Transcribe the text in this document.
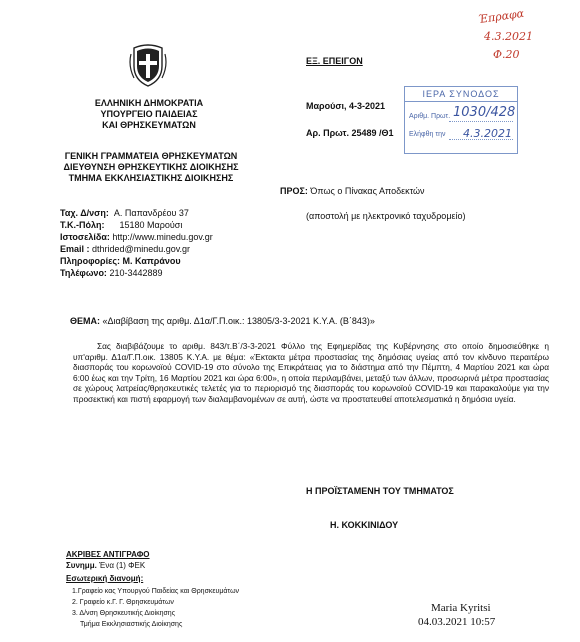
ΕΛΛΗΝΙΚΗ ΔΗΜΟΚΡΑΤΙΑ
ΥΠΟΥΡΓΕΙΟ ΠΑΙΔΕΙΑΣ
ΚΑΙ ΘΡΗΣΚΕΥΜΑΤΩΝ
ΓΕΝΙΚΗ ΓΡΑΜΜΑΤΕΙΑ ΘΡΗΣΚΕΥΜΑΤΩΝ
ΔΙΕΥΘΥΝΣΗ ΘΡΗΣΚΕΥΤΙΚΗΣ ΔΙΟΙΚΗΣΗΣ
ΤΜΗΜΑ ΕΚΚΛΗΣΙΑΣΤΙΚΗΣ ΔΙΟΙΚΗΣΗΣ
Ταχ. Δ/νση: Α. Παπανδρέου 37
Τ.Κ.-Πόλη: 15180 Μαρούσι
Ιστοσελίδα: http://www.minedu.gov.gr
Email : dthrided@minedu.gov.gr
Πληροφορίες: Μ. Καπράνου
Τηλέφωνο: 210-3442889
ΕΞ. ΕΠΕΙΓΟΝ
Μαρούσι, 4-3-2021
Αρ. Πρωτ. 25489 /Θ1
ΙΕΡΑ ΣΥΝΟΔΟΣ
Αριθμ. Πρωτ.
Ελήφθη την
1030/428
4.3.2021
Έπραφα
4.3.2021
Φ.20
ΠΡΟΣ: Όπως ο Πίνακας Αποδεκτών
(αποστολή με ηλεκτρονικό ταχυδρομείο)
ΘΕΜΑ: «Διαβίβαση της αριθμ. Δ1α/Γ.Π.οικ.: 13805/3-3-2021 Κ.Υ.Α. (Β΄843)»

Σας διαβιβάζουμε το αριθμ. 843/τ.Β΄/3-3-2021 Φύλλο της Εφημερίδας της Κυβέρνησης στο οποίο δημοσιεύθηκε η υπ'αριθμ. Δ1α/Γ.Π.οικ. 13805 Κ.Υ.Α. με θέμα: «Έκτακτα μέτρα προστασίας της δημόσιας υγείας από τον κίνδυνο περαιτέρω διασποράς του κορωνοϊού COVID-19 στο σύνολο της Επικράτειας για το διάστημα από την Πέμπτη, 4 Μαρτίου 2021 και ώρα 6:00 έως και την Τρίτη, 16 Μαρτίου 2021 και ώρα 6:00», η οποία περιλαμβάνει, μεταξύ των άλλων, προσωρινά μέτρα προστασίας σε χώρους λατρείας/θρησκευτικές τελετές για το περιορισμό της διασποράς του κορωνοϊού COVID-19 και παρακαλούμε για την προσεκτική και πιστή εφαρμογή των διαλαμβανομένων σε αυτή, ώστε να προστατευθεί αποτελεσματικά η δημόσια υγεία.

Η ΠΡΟΪΣΤΑΜΕΝΗ ΤΟΥ ΤΜΗΜΑΤΟΣ
Η. ΚΟΚΚΙΝΙΔΟΥ
ΑΚΡΙΒΕΣ ΑΝΤΙΓΡΑΦΟ
Συνημμ. Ένα (1) ΦΕΚ
Εσωτερική διανομή:
1.Γραφείο κας Υπουργού Παιδείας και Θρησκευμάτων
2. Γραφείο κ.Γ. Γ. Θρησκευμάτων
3. Δ/νση Θρησκευτικής Διοίκησης
Τμήμα Εκκλησιαστικής Διοίκησης
Maria Kyritsi
04.03.2021 10:57
